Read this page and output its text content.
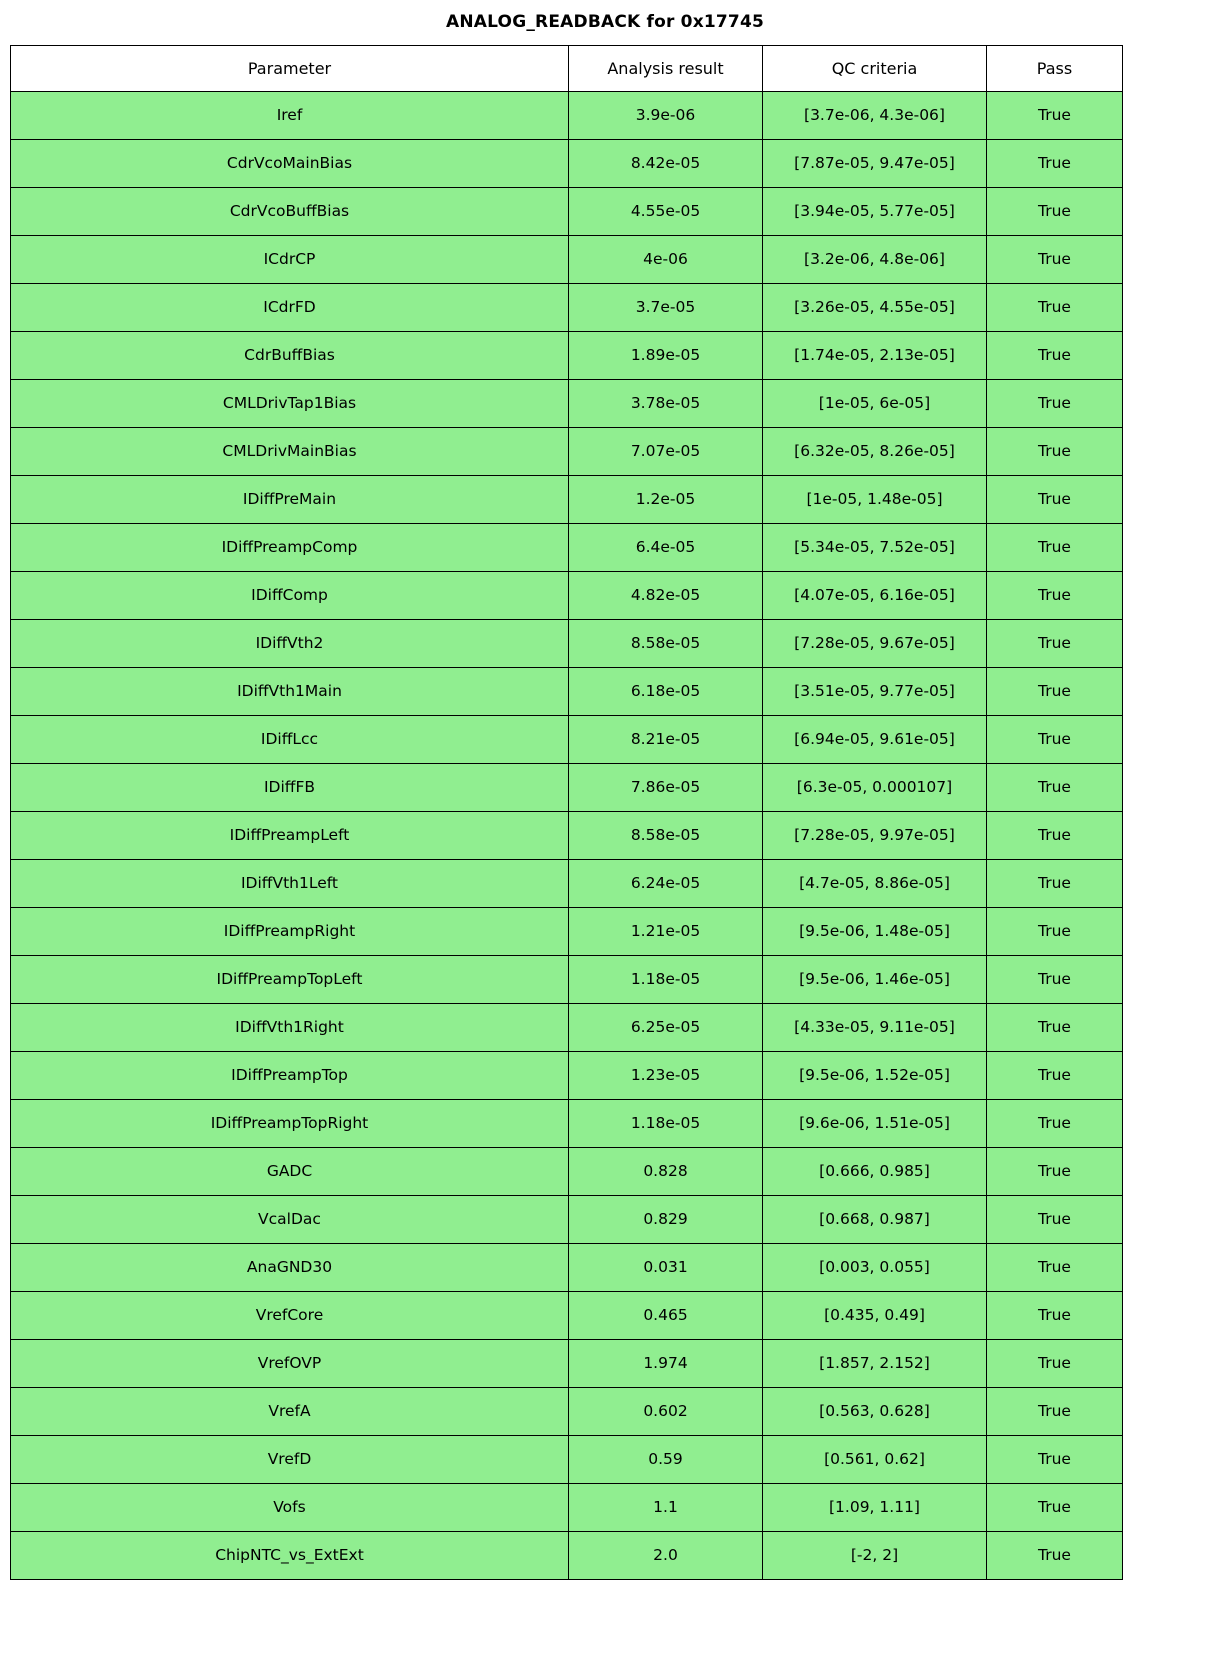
ANALOG_READBACK for 0x17745
Parameter	Analysis result	QC criteria	Pass
Iref	3.9e-06	[3.7e-06, 4.3e-06]	True
CdrVcoMainBias	8.42e-05	[7.87e-05, 9.47e-05]	True
CdrVcoBuffBias	4.55e-05	[3.94e-05, 5.77e-05]	True
ICdrCP	4e-06	[3.2e-06, 4.8e-06]	True
ICdrFD	3.7e-05	[3.26e-05, 4.55e-05]	True
CdrBuffBias	1.89e-05	[1.74e-05, 2.13e-05]	True
CMLDrivTap1Bias	3.78e-05	[1e-05, 6e-05]	True
CMLDrivMainBias	7.07e-05	[6.32e-05, 8.26e-05]	True
IDiffPreMain	1.2e-05	[1e-05, 1.48e-05]	True
IDiffPreampComp	6.4e-05	[5.34e-05, 7.52e-05]	True
IDiffComp	4.82e-05	[4.07e-05, 6.16e-05]	True
IDiffVth2	8.58e-05	[7.28e-05, 9.67e-05]	True
IDiffVth1Main	6.18e-05	[3.51e-05, 9.77e-05]	True
IDiffLcc	8.21e-05	[6.94e-05, 9.61e-05]	True
IDiffFB	7.86e-05	[6.3e-05, 0.000107]	True
IDiffPreampLeft	8.58e-05	[7.28e-05, 9.97e-05]	True
IDiffVth1Left	6.24e-05	[4.7e-05, 8.86e-05]	True
IDiffPreampRight	1.21e-05	[9.5e-06, 1.48e-05]	True
IDiffPreampTopLeft	1.18e-05	[9.5e-06, 1.46e-05]	True
IDiffVth1Right	6.25e-05	[4.33e-05, 9.11e-05]	True
IDiffPreampTop	1.23e-05	[9.5e-06, 1.52e-05]	True
IDiffPreampTopRight	1.18e-05	[9.6e-06, 1.51e-05]	True
GADC	0.828	[0.666, 0.985]	True
VcalDac	0.829	[0.668, 0.987]	True
AnaGND30	0.031	[0.003, 0.055]	True
VrefCore	0.465	[0.435, 0.49]	True
VrefOVP	1.974	[1.857, 2.152]	True
VrefA	0.602	[0.563, 0.628]	True
VrefD	0.59	[0.561, 0.62]	True
Vofs	1.1	[1.09, 1.11]	True
ChipNTC_vs_ExtExt	2.0	[-2, 2]	True
